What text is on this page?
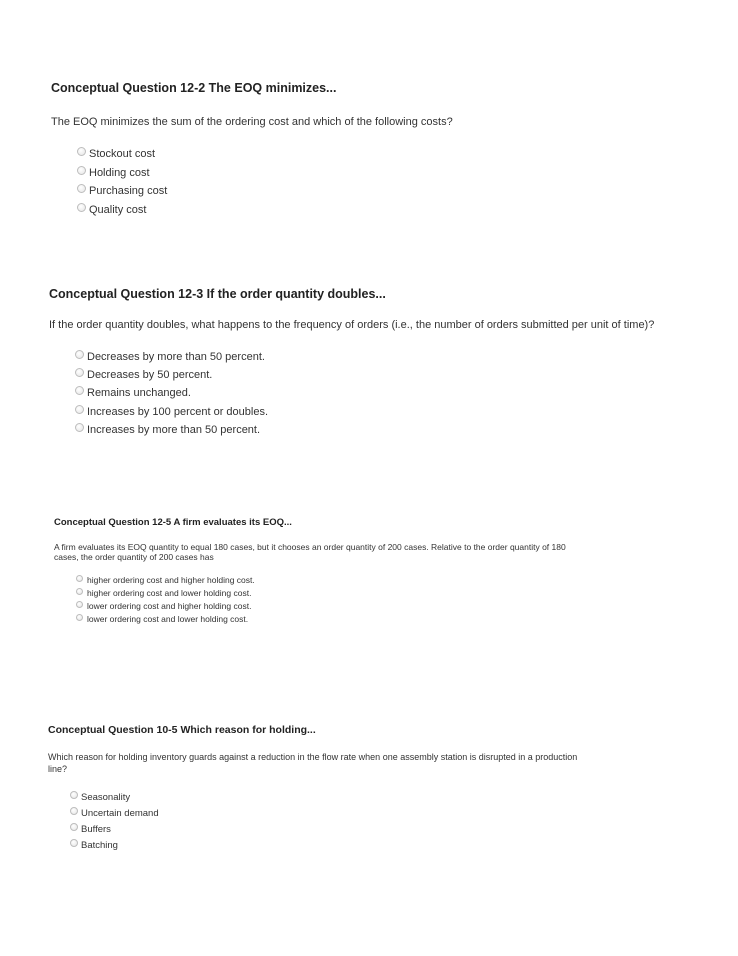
Conceptual Question 12-2 The EOQ minimizes...

The EOQ minimizes the sum of the ordering cost and which of the following costs?

Stockout cost
Holding cost
Purchasing cost
Quality cost
Conceptual Question 12-3 If the order quantity doubles...

If the order quantity doubles, what happens to the frequency of orders (i.e., the number of orders submitted per unit of time)?

Decreases by more than 50 percent.
Decreases by 50 percent.
Remains unchanged.
Increases by 100 percent or doubles.
Increases by more than 50 percent.
Conceptual Question 12-5 A firm evaluates its EOQ...

A firm evaluates its EOQ quantity to equal 180 cases, but it chooses an order quantity of 200 cases. Relative to the order quantity of 180 cases, the order quantity of 200 cases has

higher ordering cost and higher holding cost.
higher ordering cost and lower holding cost.
lower ordering cost and higher holding cost.
lower ordering cost and lower holding cost.
Conceptual Question 10-5 Which reason for holding...

Which reason for holding inventory guards against a reduction in the flow rate when one assembly station is disrupted in a production line?

Seasonality
Uncertain demand
Buffers
Batching
